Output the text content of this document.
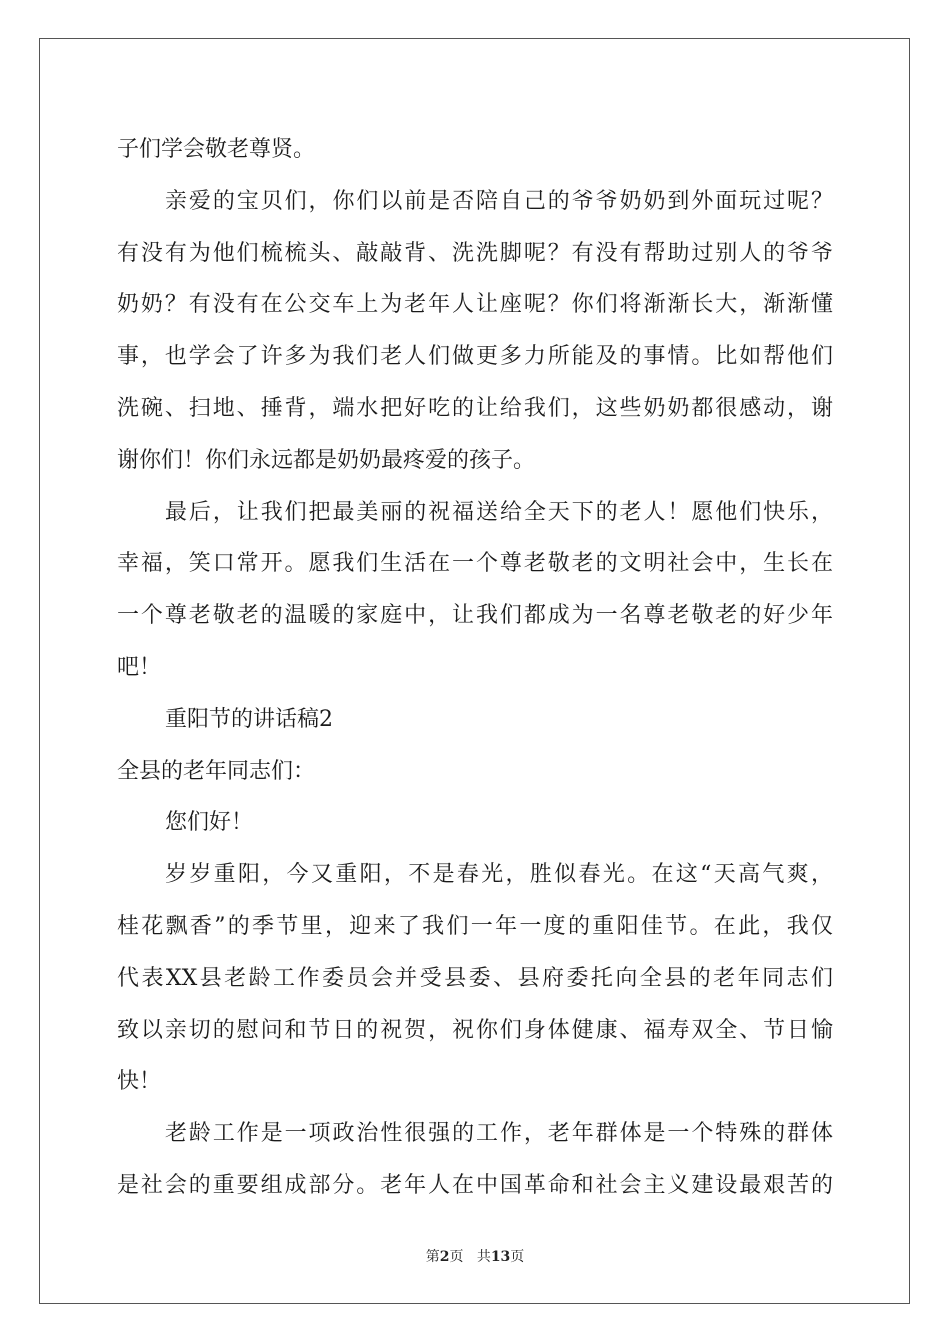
子们学会敬老尊贤。
亲爱的宝贝们，你们以前是否陪自己的爷爷奶奶到外面玩过呢？
有没有为他们梳梳头、敲敲背、洗洗脚呢？有没有帮助过别人的爷爷
奶奶？有没有在公交车上为老年人让座呢？你们将渐渐长大，渐渐懂
事，也学会了许多为我们老人们做更多力所能及的事情。比如帮他们
洗碗、扫地、捶背，端水把好吃的让给我们，这些奶奶都很感动，谢
谢你们！你们永远都是奶奶最疼爱的孩子。
最后，让我们把最美丽的祝福送给全天下的老人！愿他们快乐，
幸福，笑口常开。愿我们生活在一个尊老敬老的文明社会中，生长在
一个尊老敬老的温暖的家庭中，让我们都成为一名尊老敬老的好少年
吧！
重阳节的讲话稿2
全县的老年同志们：
您们好！
岁岁重阳，今又重阳，不是春光，胜似春光。在这“天高气爽，
桂花飘香”的季节里，迎来了我们一年一度的重阳佳节。在此，我仅
代表XX县老龄工作委员会并受县委、县府委托向全县的老年同志们
致以亲切的慰问和节日的祝贺，祝你们身体健康、福寿双全、节日愉
快！
老龄工作是一项政治性很强的工作，老年群体是一个特殊的群体
是社会的重要组成部分。老年人在中国革命和社会主义建设最艰苦的
第2页 共13页
